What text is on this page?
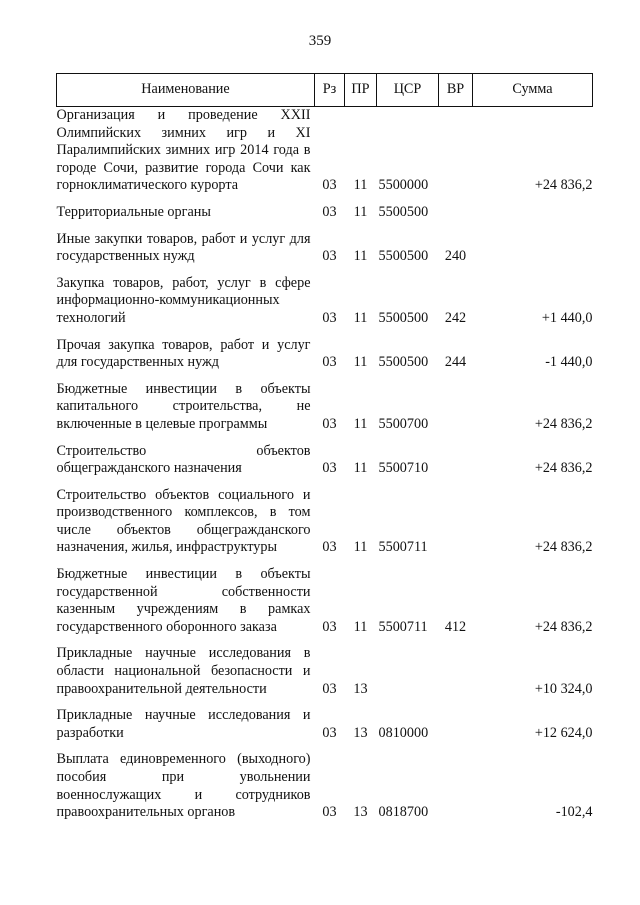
359
Наименование	Рз	ПР	ЦСР	ВР	Сумма
Организация и проведение XXII Олимпийских зимних игр и XI Паралимпийских зимних игр 2014 года в городе Сочи, развитие города Сочи как горноклиматического курорта	03	11	5500000		+24 836,2
Территориальные органы	03	11	5500500		
Иные закупки товаров, работ и услуг для государственных нужд	03	11	5500500	240	
Закупка товаров, работ, услуг в сфере информационно-коммуникационных технологий	03	11	5500500	242	+1 440,0
Прочая закупка товаров, работ и услуг для государственных нужд	03	11	5500500	244	-1 440,0
Бюджетные инвестиции в объекты капитального строительства, не включенные в целевые программы	03	11	5500700		+24 836,2
Строительство объектов общегражданского назначения	03	11	5500710		+24 836,2
Строительство объектов социального и производственного комплексов, в том числе объектов общегражданского назначения, жилья, инфраструктуры	03	11	5500711		+24 836,2
Бюджетные инвестиции в объекты государственной собственности казенным учреждениям в рамках государственного оборонного заказа	03	11	5500711	412	+24 836,2
Прикладные научные исследования в области национальной безопасности и правоохранительной деятельности	03	13			+10 324,0
Прикладные научные исследования и разработки	03	13	0810000		+12 624,0
Выплата единовременного (выходного) пособия при увольнении военнослужащих и сотрудников правоохранительных органов	03	13	0818700		-102,4
